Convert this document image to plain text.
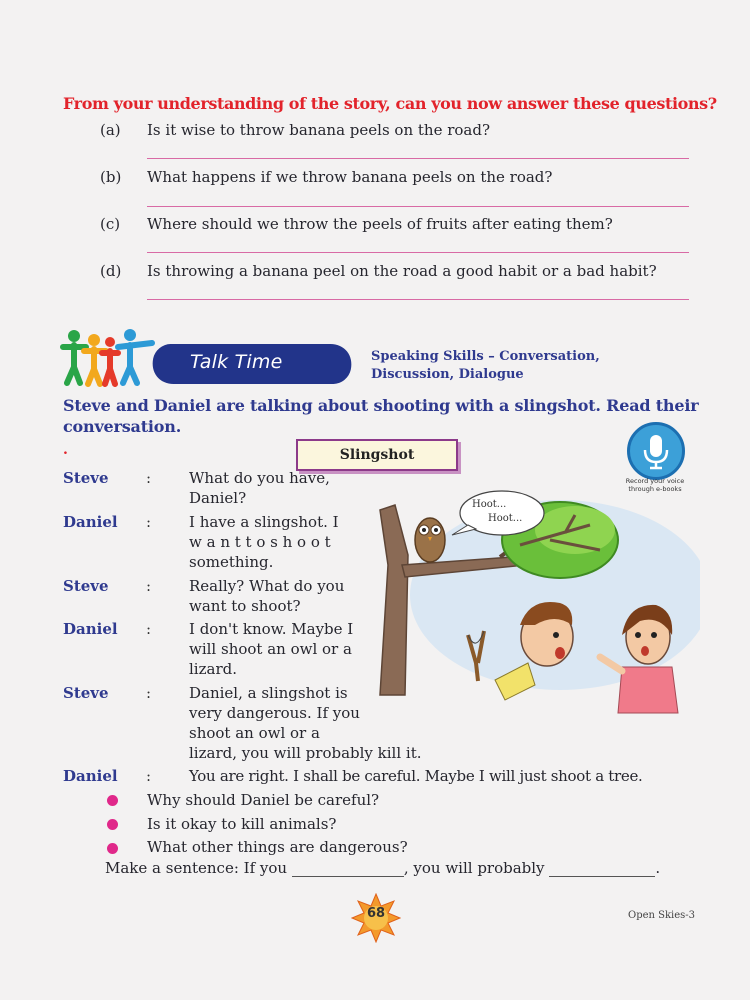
From your understanding of the story, can you now answer these questions?
(a) Is it wise to throw banana peels on the road?
(b) What happens if we throw banana peels on the road?
(c) Where should we throw the peels of fruits after eating them?
(d) Is throwing a banana peel on the road a good habit or a bad habit?
Talk Time	Speaking Skills – Conversation,
Discussion, Dialogue
Steve and Daniel are talking about shooting with a slingshot. Read their
conversation.
.	Slingshot
Record your voice
through e-books
Hoot...
Hoot...
Steve :	What do you have,
Daniel?
Daniel :	I have a slingshot. I
w a n t t o s h o o t
something.
Steve :	Really? What do you
want to shoot?
Daniel :	I don't know. Maybe I
will shoot an owl or a
lizard.
Steve :	Daniel, a slingshot is
very dangerous. If you
shoot an owl or a
lizard, you will probably kill it.
Daniel :	You are right. I shall be careful. Maybe I will just shoot a tree.
Why should Daniel be careful?
Is it okay to kill animals?
What other things are dangerous?
Make a sentence: If you	, you will probably	.
68	Open Skies-3
